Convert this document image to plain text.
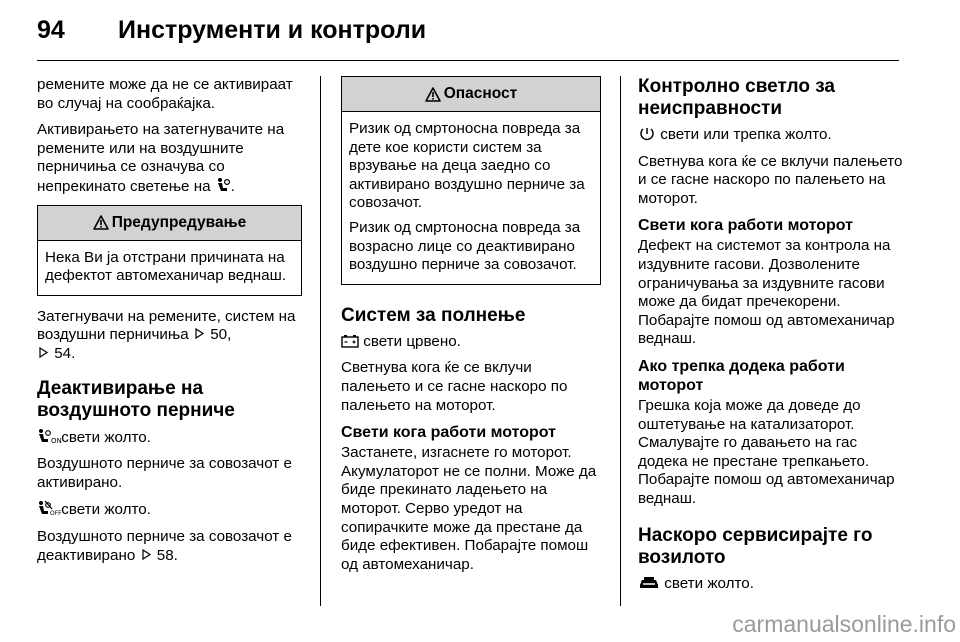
94 Инструменти и контроли

ремените може да не се активираат во случај на сообраќајка.

Активирањето на затегнувачите на ремените или на воздушните перничиња се означува со непрекинато светење на .

Предупредување

Нека Ви ја отстрани причината на дефектот автомеханичар веднаш.

Затегнувачи на ремените, систем на воздушни перничиња 50,
54.

Деактивирање на воздушното перниче

ON свети жолто.

Воздушното перниче за совозачот е активирано.

OFF свети жолто.

Воздушното перниче за совозачот е деактивирано 58.

Опасност

Ризик од смртоносна повреда за дете кое користи систем за врзување на деца заедно со активирано воздушно перниче за совозачот.

Ризик од смртоносна повреда за возрасно лице со деактивирано воздушно перниче за совозачот.

Систем за полнење

свети црвено.

Светнува кога ќе се вклучи палењето и се гасне наскоро по палењето на моторот.

Свети кога работи моторот

Застанете, изгаснете го моторот. Акумулаторот не се полни. Може да биде прекинато ладењето на моторот. Серво уредот на сопирачките може да престане да биде ефективен. Побарајте помош од автомеханичар.

Контролно светло за неисправности

свети или трепка жолто.

Светнува кога ќе се вклучи палењето и се гасне наскоро по палењето на моторот.

Свети кога работи моторот

Дефект на системот за контрола на издувните гасови. Дозволените ограничувања за издувните гасови може да бидат пречекорени. Побарајте помош од автомеханичар веднаш.

Ако трепка додека работи моторот

Грешка која може да доведе до оштетување на катализаторот. Смалувајте го давањето на гас додека не престане трепкањето. Побарајте помош од автомеханичар веднаш.

Наскоро сервисирајте го возилото

свети жолто.

carmanualsonline.info
